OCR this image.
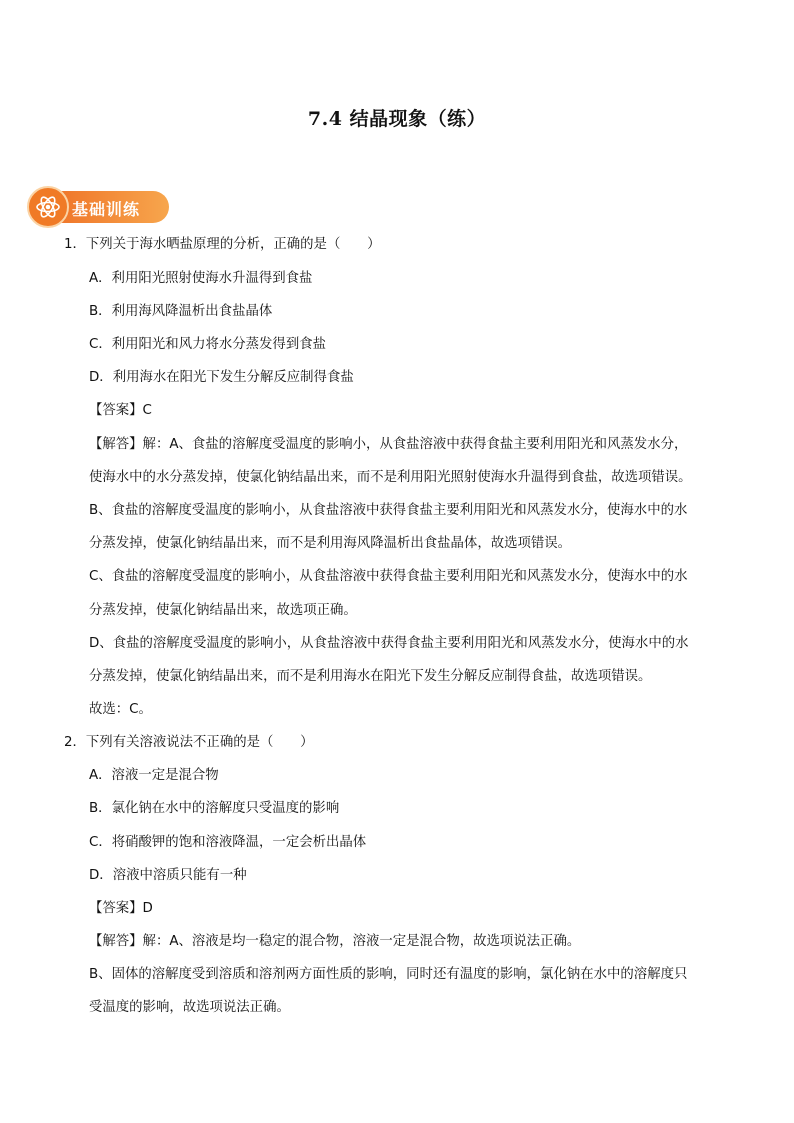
7.4 结晶现象（练）
基础训练
1．下列关于海水晒盐原理的分析，正确的是（　　）
A．利用阳光照射使海水升温得到食盐
B．利用海风降温析出食盐晶体
C．利用阳光和风力将水分蒸发得到食盐
D．利用海水在阳光下发生分解反应制得食盐
【答案】C
【解答】解：A、食盐的溶解度受温度的影响小，从食盐溶液中获得食盐主要利用阳光和风蒸发水分，
使海水中的水分蒸发掉，使氯化钠结晶出来，而不是利用阳光照射使海水升温得到食盐，故选项错误。
B、食盐的溶解度受温度的影响小，从食盐溶液中获得食盐主要利用阳光和风蒸发水分，使海水中的水
分蒸发掉，使氯化钠结晶出来，而不是利用海风降温析出食盐晶体，故选项错误。
C、食盐的溶解度受温度的影响小，从食盐溶液中获得食盐主要利用阳光和风蒸发水分，使海水中的水
分蒸发掉，使氯化钠结晶出来，故选项正确。
D、食盐的溶解度受温度的影响小，从食盐溶液中获得食盐主要利用阳光和风蒸发水分，使海水中的水
分蒸发掉，使氯化钠结晶出来，而不是利用海水在阳光下发生分解反应制得食盐，故选项错误。
故选：C。
2．下列有关溶液说法不正确的是（　　）
A．溶液一定是混合物
B．氯化钠在水中的溶解度只受温度的影响
C．将硝酸钾的饱和溶液降温，一定会析出晶体
D．溶液中溶质只能有一种
【答案】D
【解答】解：A、溶液是均一稳定的混合物，溶液一定是混合物，故选项说法正确。
B、固体的溶解度受到溶质和溶剂两方面性质的影响，同时还有温度的影响，氯化钠在水中的溶解度只
受温度的影响，故选项说法正确。
